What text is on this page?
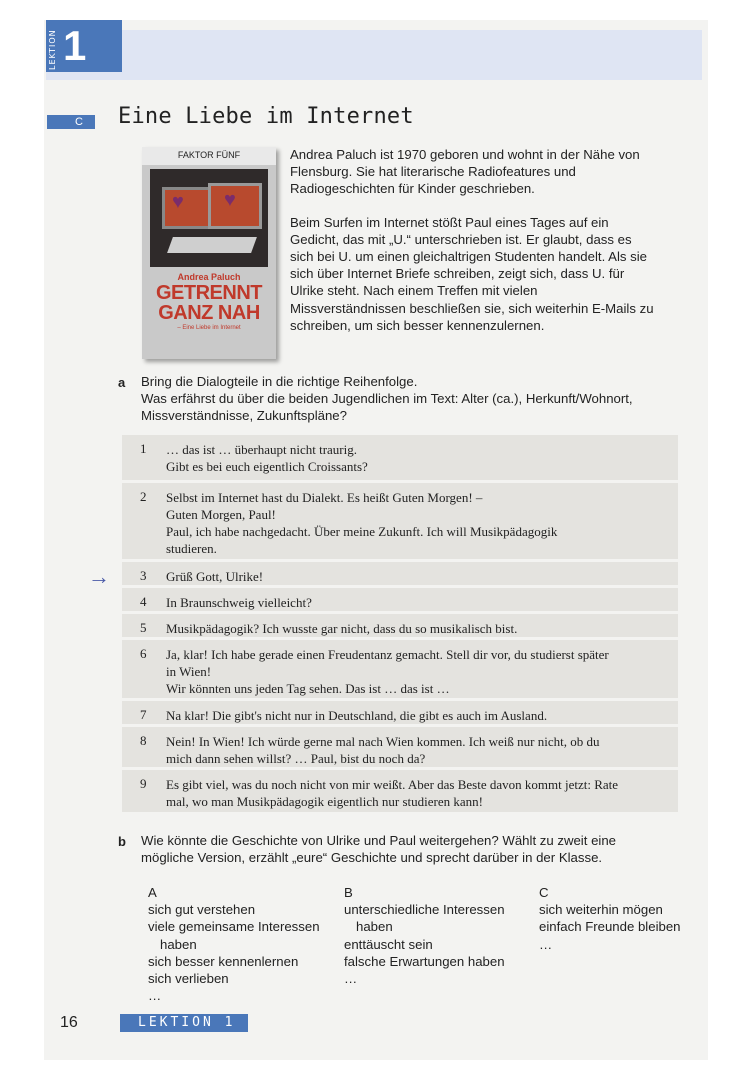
LEKTION 1
C	Eine Liebe im Internet
FAKTOR FÜNF
♥ ♥
Andrea Paluch
GETRENNT
GANZ NAH
– Eine Liebe im Internet

Andrea Paluch ist 1970 geboren und wohnt in der Nähe von Flensburg. Sie hat literarische Radiofeatures und Radiogeschichten für Kinder geschrieben.

Beim Surfen im Internet stößt Paul eines Tages auf ein Gedicht, das mit „U.“ unterschrieben ist. Er glaubt, dass es sich bei U. um einen gleichaltrigen Studenten handelt. Als sie sich über Internet Briefe schreiben, zeigt sich, dass U. für Ulrike steht. Nach einem Treffen mit vielen Missverständnissen beschließen sie, sich weiterhin E-Mails zu schreiben, um sich besser kennenzulernen.

a Bring die Dialogteile in die richtige Reihenfolge.
Was erfährst du über die beiden Jugendlichen im Text: Alter (ca.), Herkunft/Wohnort,
Missverständnisse, Zukunftspläne?
1 … das ist … überhaupt nicht traurig.
Gibt es bei euch eigentlich Croissants?
2 Selbst im Internet hast du Dialekt. Es heißt Guten Morgen! –
Guten Morgen, Paul!
Paul, ich habe nachgedacht. Über meine Zukunft. Ich will Musikpädagogik
studieren.
→ 3 Grüß Gott, Ulrike!
4 In Braunschweig vielleicht?
5 Musikpädagogik? Ich wusste gar nicht, dass du so musikalisch bist.
6 Ja, klar! Ich habe gerade einen Freudentanz gemacht. Stell dir vor, du studierst später
in Wien!
Wir könnten uns jeden Tag sehen. Das ist … das ist …
7 Na klar! Die gibt's nicht nur in Deutschland, die gibt es auch im Ausland.
8 Nein! In Wien! Ich würde gerne mal nach Wien kommen. Ich weiß nur nicht, ob du
mich dann sehen willst? … Paul, bist du noch da?
9 Es gibt viel, was du noch nicht von mir weißt. Aber das Beste davon kommt jetzt: Rate
mal, wo man Musikpädagogik eigentlich nur studieren kann!
b Wie könnte die Geschichte von Ulrike und Paul weitergehen? Wählt zu zweit eine
mögliche Version, erzählt „eure“ Geschichte und sprecht darüber in der Klasse.
A
sich gut verstehen
viele gemeinsame Interessen
haben
sich besser kennenlernen
sich verlieben
…
B
unterschiedliche Interessen
haben
enttäuscht sein
falsche Erwartungen haben
…
C
sich weiterhin mögen
einfach Freunde bleiben
…
16	LEKTION 1
